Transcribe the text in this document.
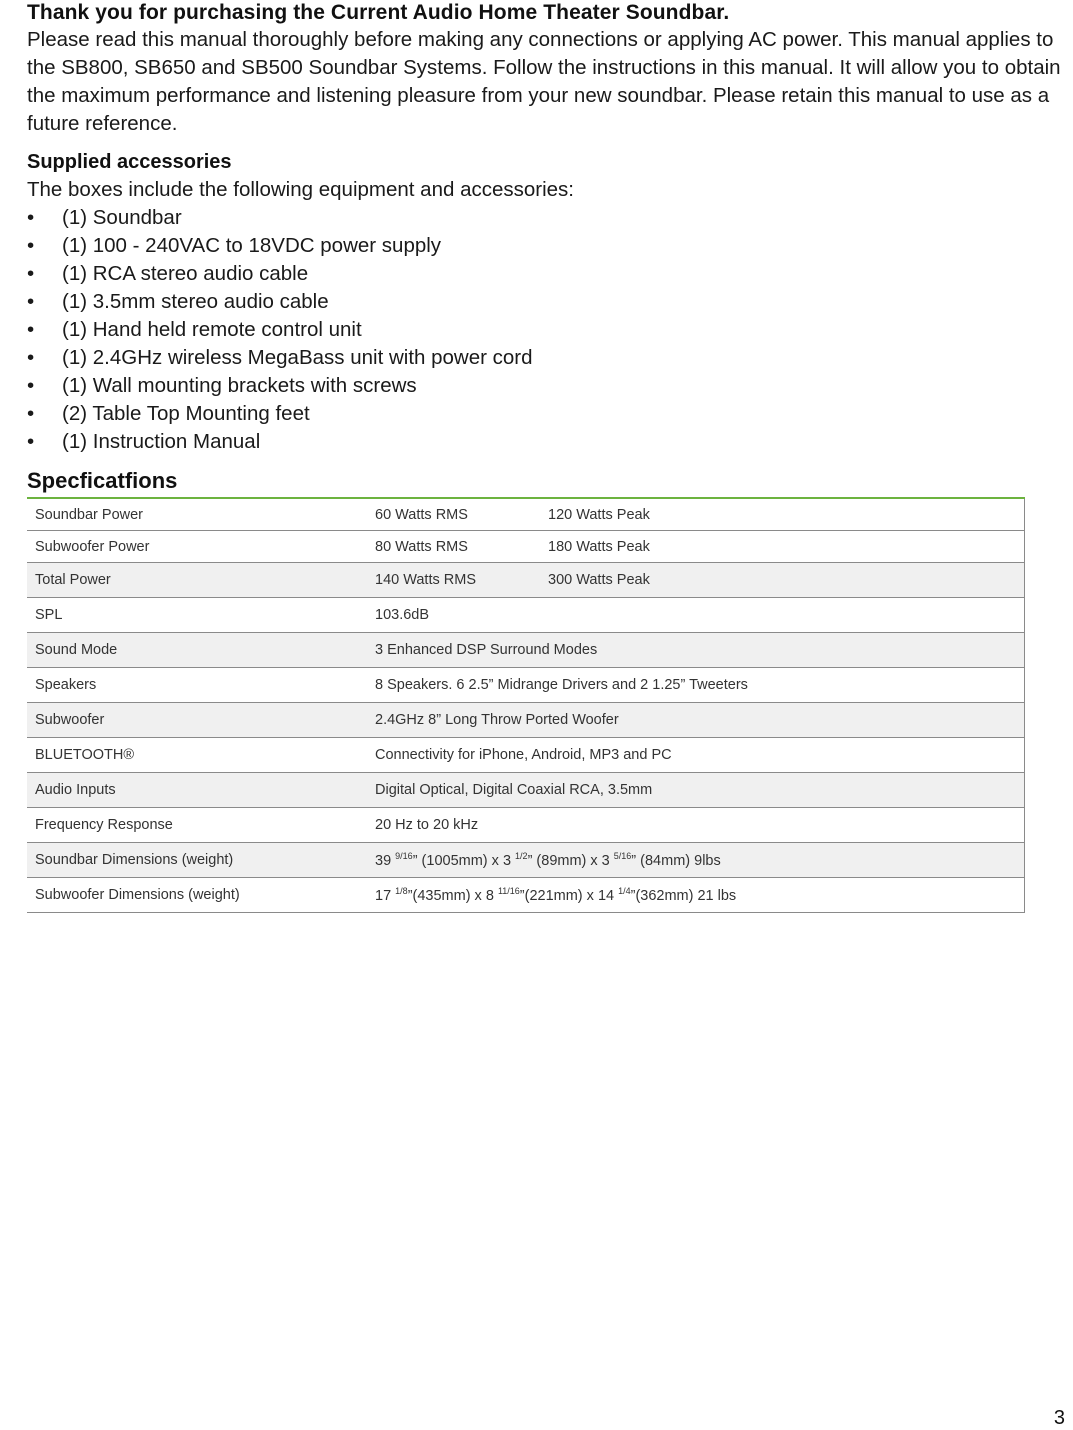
Thank you for purchasing the Current Audio Home Theater Soundbar.

Please read this manual thoroughly before making any connections or applying AC power. This manual applies to the SB800, SB650 and SB500 Soundbar Systems. Follow the instructions in this manual. It will allow you to obtain the maximum performance and listening pleasure from your new soundbar. Please retain this manual to use as a future reference.

Supplied accessories

The boxes include the following equipment and accessories:

•	(1) Soundbar
•	(1) 100 - 240VAC to 18VDC power supply
•	(1) RCA stereo audio cable
•	(1) 3.5mm stereo audio cable
•	(1) Hand held remote control unit
•	(1) 2.4GHz wireless MegaBass unit with power cord
•	(1) Wall mounting brackets with screws
•	(2) Table Top Mounting feet
•	(1) Instruction Manual
Specficatfions
Soundbar Power	60 Watts RMS	120 Watts Peak
Subwoofer Power	80 Watts RMS	180 Watts Peak
Total Power	140 Watts RMS	300 Watts Peak
SPL	103.6dB	
Sound Mode	3 Enhanced DSP Surround Modes	
Speakers	8 Speakers. 6 2.5” Midrange Drivers and 2 1.25” Tweeters	
Subwoofer	2.4GHz 8” Long Throw Ported Woofer	
BLUETOOTH®	Connectivity for iPhone, Android, MP3 and PC	
Audio Inputs	Digital Optical, Digital Coaxial RCA, 3.5mm	
Frequency Response	20 Hz to 20 kHz	
Soundbar Dimensions (weight)	39 $^{9/16}$” (1005mm) x 3 $^{1/2}$” (89mm) x 3 $^{5/16}$” (84mm) 9lbs	
Subwoofer Dimensions (weight)	17 $^{1/8}$”(435mm) x 8 $^{11/16}$”(221mm) x 14 $^{1/4}$”(362mm) 21 lbs	
3
